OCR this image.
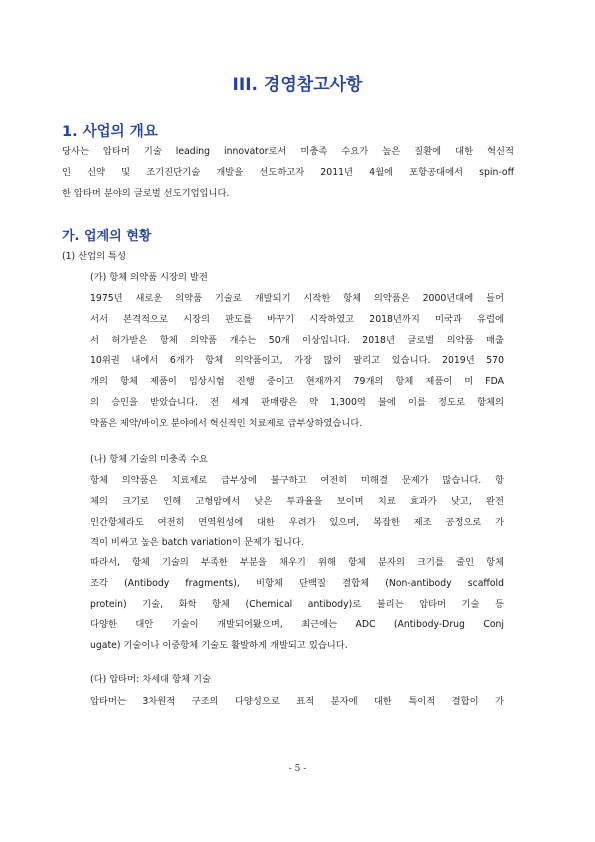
III. 경영참고사항
1. 사업의 개요
당사는 압타머 기술 leading innovator로서 미충족 수요가 높은 질환에 대한 혁신적
인 신약 및 조기진단기술 개발을 선도하고자 2011년 4월에 포항공대에서 spin-off
한 압타머 분야의 글로벌 선도기업입니다.
가. 업계의 현황
(1) 산업의 특성
(가) 항체 의약품 시장의 발전
1975년 새로운 의약품 기술로 개발되기 시작한 항체 의약품은 2000년대에 들어
서서 본격적으로 시장의 판도를 바꾸기 시작하였고 2018년까지 미국과 유럽에
서 허가받은 항체 의약품 개수는 50개 이상입니다. 2018년 글로벌 의약품 매출
10위권 내에서 6개가 항체 의약품이고, 가장 많이 팔리고 있습니다. 2019년 570
개의 항체 제품이 임상시험 진행 중이고 현재까지 79개의 항체 제품이 미 FDA
의 승인을 받았습니다. 전 세계 판매량은 약 1,300억 불에 이를 정도로 항체의
약품은 제약/바이오 분야에서 혁신적인 치료제로 급부상하였습니다.
(나) 항체 기술의 미충족 수요
항체 의약품은 치료제로 급부상에 불구하고 여전히 미해결 문제가 많습니다. 항
체의 크기로 인해 고형암에서 낮은 투과율을 보이며 치료 효과가 낮고, 완전
인간항체라도 여전히 면역원성에 대한 우려가 있으며, 복잡한 제조 공정으로 가
격이 비싸고 높은 batch variation이 문제가 됩니다.
따라서, 항체 기술의 부족한 부분을 채우기 위해 항체 분자의 크기를 줄인 항체
조각 (Antibody fragments), 비항체 단백질 결합체 (Non-antibody scaffold
protein) 기술, 화학 항체 (Chemical antibody)로 불리는 압타머 기술 등
다양한 대안 기술이 개발되어왔으며, 최근에는 ADC (Antibody-Drug Conj
ugate) 기술이나 이중항체 기술도 활발하게 개발되고 있습니다.
(다) 압타머: 차세대 항체 기술
압타머는 3차원적 구조의 다양성으로 표적 분자에 대한 특이적 결합이 가
- 5 -
